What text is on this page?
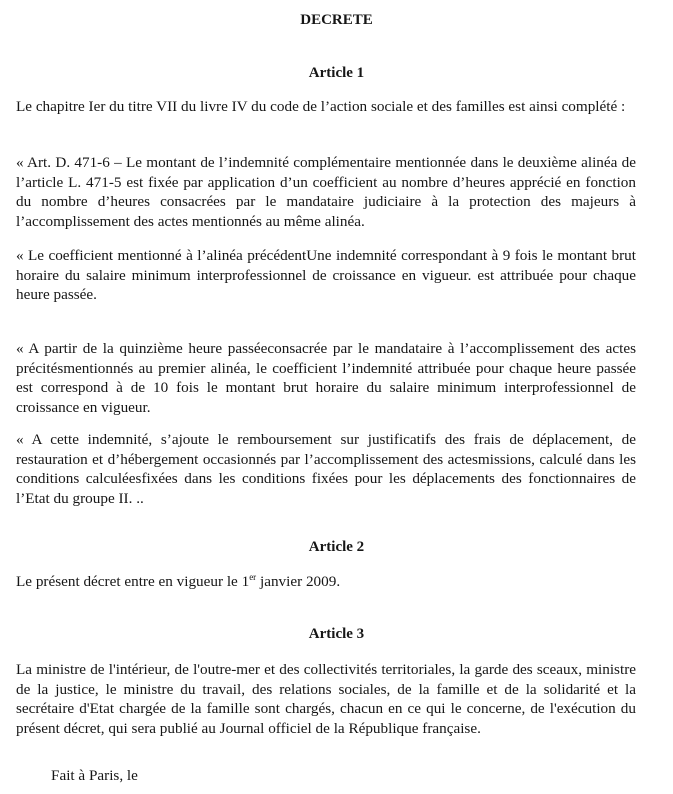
DECRETE
Article 1

Le chapitre Ier du titre VII du livre IV du code de l’action sociale et des familles est ainsi complété :

« Art. D. 471-6 – Le montant de l’indemnité complémentaire mentionnée dans le deuxième alinéa de l’article L. 471-5 est fixée par application d’un coefficient au nombre d’heures apprécié en fonction du nombre d’heures consacrées par le mandataire judiciaire à la protection des majeurs à l’accomplissement des actes mentionnés au même alinéa.

« Le coefficient mentionné à l’alinéa précédentUne indemnité correspondant à 9 fois le montant brut horaire du salaire minimum interprofessionnel de croissance en vigueur. est attribuée pour chaque heure passée.

« A partir de la quinzième heure passéeconsacrée par le mandataire à l’accomplissement des actes précitésmentionnés au premier alinéa, le coefficient l’indemnité attribuée pour chaque heure passée est correspond à de 10 fois le montant brut horaire du salaire minimum interprofessionnel de croissance en vigueur.

« A cette indemnité, s’ajoute le remboursement sur justificatifs des frais de déplacement, de restauration et d’hébergement occasionnés par l’accomplissement des actesmissions, calculé dans les conditions calculéesfixées dans les conditions fixées pour les déplacements des fonctionnaires de l’Etat du groupe II. ..

Article 2

Le présent décret entre en vigueur le 1er janvier 2009.

Article 3

La ministre de l'intérieur, de l'outre-mer et des collectivités territoriales, la garde des sceaux, ministre de la justice, le ministre du travail, des relations sociales, de la famille et de la solidarité et la secrétaire d'Etat chargée de la famille sont chargés, chacun en ce qui le concerne, de l'exécution du présent décret, qui sera publié au Journal officiel de la République française.

Fait à Paris, le
